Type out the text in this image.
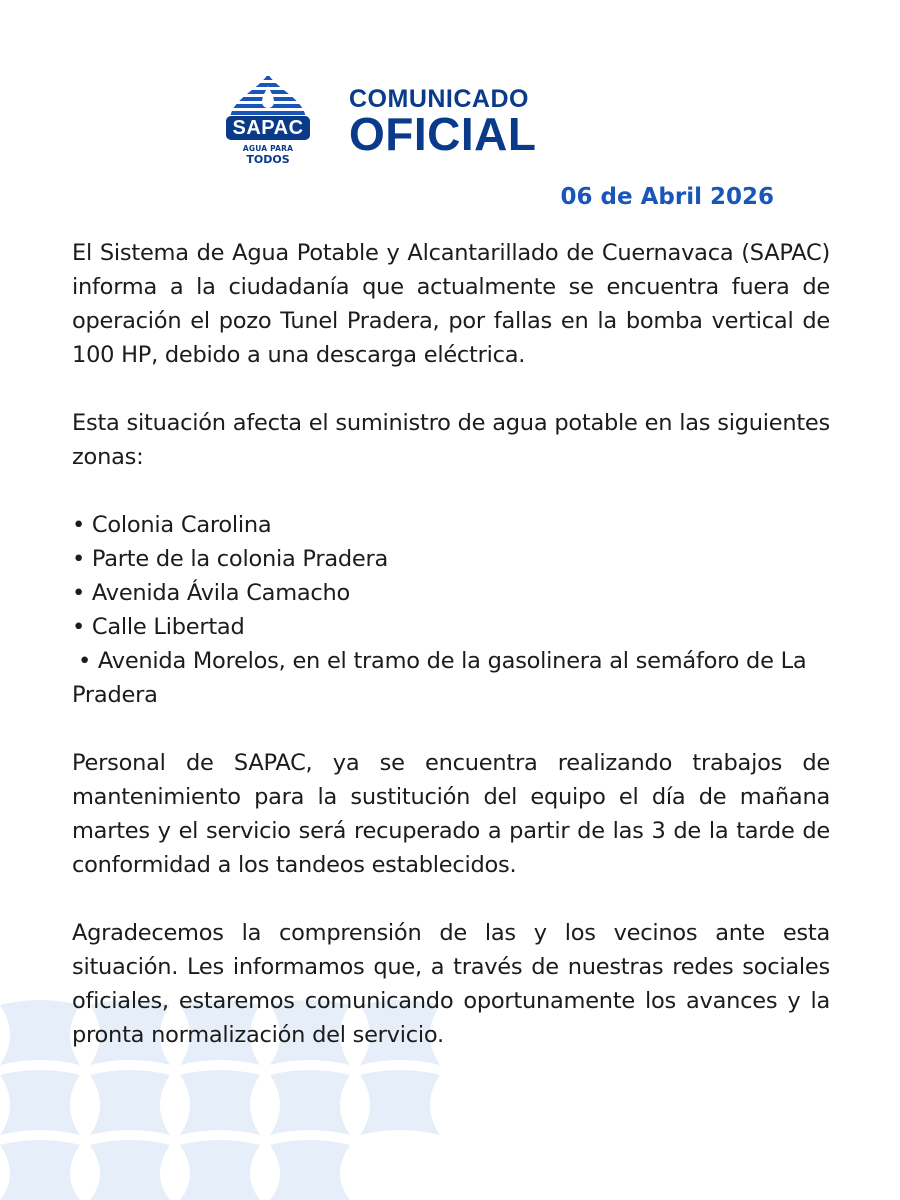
SAPAC
AGUA PARA
TODOS
COMUNICADO
OFICIAL
06 de Abril 2026

El Sistema de Agua Potable y Alcantarillado de Cuernavaca (SAPAC) informa a la ciudadanía que actualmente se encuentra fuera de operación el pozo Tunel Pradera, por fallas en la bomba vertical de 100 HP, debido a una descarga eléctrica.

Esta situación afecta el suministro de agua potable en las siguientes zonas:

• Colonia Carolina
• Parte de la colonia Pradera
• Avenida Ávila Camacho
• Calle Libertad
• Avenida Morelos, en el tramo de la gasolinera al semáforo de La Pradera

Personal de SAPAC, ya se encuentra realizando trabajos de mantenimiento para la sustitución del equipo el día de mañana martes y el servicio será recuperado a partir de las 3 de la tarde de conformidad a los tandeos establecidos.

Agradecemos la comprensión de las y los vecinos ante esta situación. Les informamos que, a través de nuestras redes sociales oficiales, estaremos comunicando oportunamente los avances y la pronta normalización del servicio.
